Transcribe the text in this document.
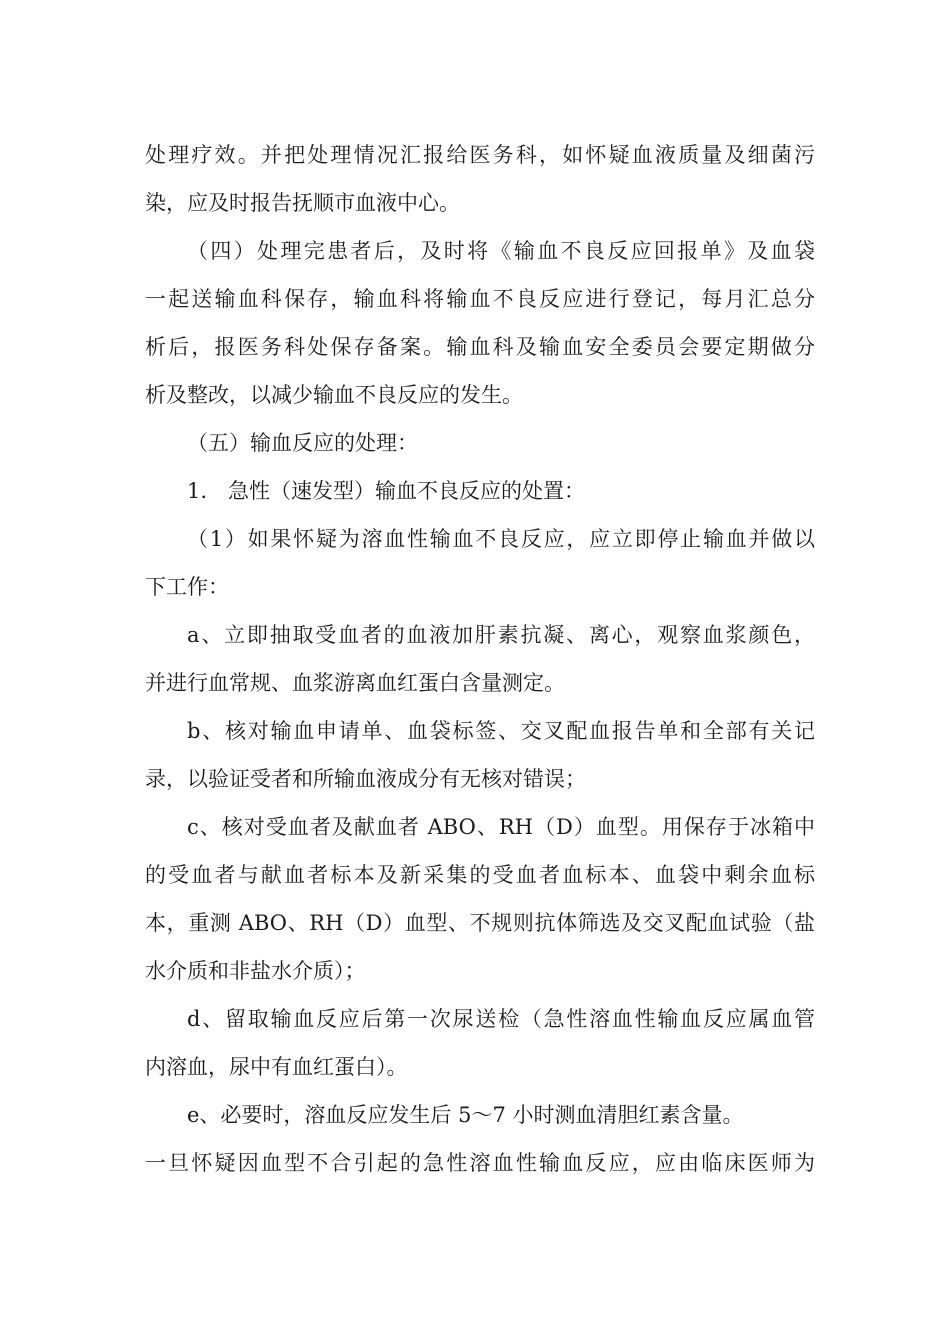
处理疗效。并把处理情况汇报给医务科，如怀疑血液质量及细菌污
染，应及时报告抚顺市血液中心。
（四）处理完患者后，及时将《输血不良反应回报单》及血袋
一起送输血科保存，输血科将输血不良反应进行登记，每月汇总分
析后，报医务科处保存备案。输血科及输血安全委员会要定期做分
析及整改，以减少输血不良反应的发生。
（五）输血反应的处理：
1.　急性（速发型）输血不良反应的处置：
（1）如果怀疑为溶血性输血不良反应，应立即停止输血并做以
下工作：
a、立即抽取受血者的血液加肝素抗凝、离心，观察血浆颜色，
并进行血常规、血浆游离血红蛋白含量测定。
b、核对输血申请单、血袋标签、交叉配血报告单和全部有关记
录，以验证受者和所输血液成分有无核对错误；
c、核对受血者及献血者 ABO、RH（D）血型。用保存于冰箱中
的受血者与献血者标本及新采集的受血者血标本、血袋中剩余血标
本，重测 ABO、RH（D）血型、不规则抗体筛选及交叉配血试验（盐
水介质和非盐水介质）；
d、留取输血反应后第一次尿送检（急性溶血性输血反应属血管
内溶血，尿中有血红蛋白）。
e、必要时，溶血反应发生后 5～7 小时测血清胆红素含量。
一旦怀疑因血型不合引起的急性溶血性输血反应，应由临床医师为
